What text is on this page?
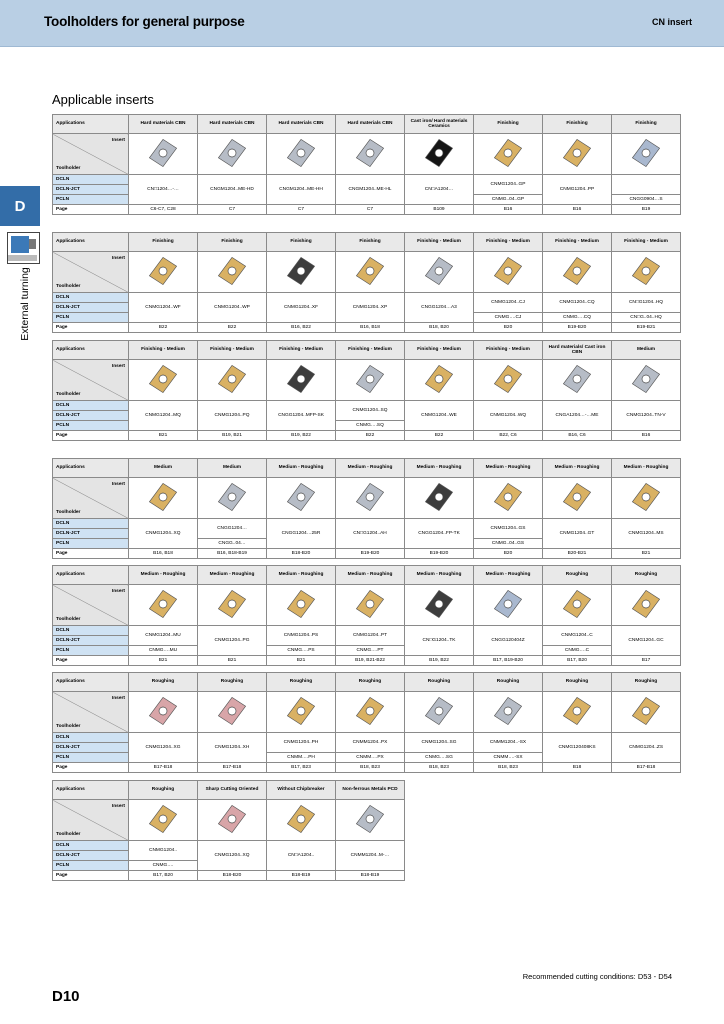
Toolholders for general purpose	CN insert
Applicable inserts
D
External turning
Applications	Hard materials CBN	Hard materials CBN	Hard materials CBN	Hard materials CBN	Cast iron/ Hard materials Ceramics	Finishing	Finishing	Finishing

Insert
Toolholder

DCLN	CN□1204…-…	CNGM1204..ME-HD	CNGM1204..ME-HH	CNGM1204..ME-HL	CN□A1204…	CNMG1204..GP	CNMG1204..PP	
DCLN-JCT								
PCLN						CNMG..04..GP		CNGG0904…S
Page	C6-C7, C28	C7	C7	C7	B109	B16	B16	B19
Applications	Finishing	Finishing	Finishing	Finishing	Finishing - Medium	Finishing - Medium	Finishing - Medium	Finishing - Medium

Insert
Toolholder

DCLN	CNMG1204..WF	CNMG1204..WP	CNMG1204..XF	CNMG1204..XP	CNGG1204…A3	CNMG1204..CJ	CNMG1204..CQ	CN□G1204..HQ
DCLN-JCT								
PCLN						CNMG….CJ	CNMG….CQ	CN□G..04..HQ
Page	B22	B22	B16, B22	B16, B18	B18, B20	B20	B19-B20	B19-B21
Applications	Finishing - Medium	Finishing - Medium	Finishing - Medium	Finishing - Medium	Finishing - Medium	Finishing - Medium	Hard materials/ Cast iron CBN	Medium

Insert
Toolholder

DCLN	CNMG1204..MQ	CNMG1204..PQ	CNGG1204..MFP-SK	CNMG1204..SQ	CNMG1204..WE	CNMG1204..WQ	CNGA1204…-…ME	CNMG1204..TN-V
DCLN-JCT								
PCLN				CNMG….SQ				
Page	B21	B19, B21	B19, B22	B22	B22	B22, C6	B16, C6	B16
Applications	Medium	Medium	Medium - Roughing	Medium - Roughing	Medium - Roughing	Medium - Roughing	Medium - Roughing	Medium - Roughing

Insert
Toolholder

DCLN	CNMG1204..XQ	CNGG1204…	CNGG1204…25R	CN□G1204..AH	CNGG1204..FP-TK	CNMG1204..GS	CNMG1204..GT	CNMG1204..MS
DCLN-JCT								
PCLN		CNGG..04…				CNMG..04..GS		
Page	B16, B18	B16, B18-B19	B18-B20	B19-B20	B19-B20	B20	B20-B21	B21
Applications	Medium - Roughing	Medium - Roughing	Medium - Roughing	Medium - Roughing	Medium - Roughing	Medium - Roughing	Roughing	Roughing

Insert
Toolholder

DCLN	CNMG1204..MU	CNMG1204..PG	CNMG1204..PS	CNMG1204..PT	CN□G1204..TK	CNGG120404Z	CNMG1204..C	CNMG1204..GC
DCLN-JCT								
PCLN	CNMG….MU		CNMG….PS	CNMG….PT			CNMG….C	
Page	B21	B21	B21	B19, B21-B22	B19, B22	B17, B19-B20	B17, B20	B17
Applications	Roughing	Roughing	Roughing	Roughing	Roughing	Roughing	Roughing	Roughing

Insert
Toolholder

DCLN	CNMG1204..XG	CNMG1204..XH	CNMG1204..PH	CNMM1204..PX	CNMG1204..SG	CNMM1204..-SX	CNMG120408KS	CNMG1204..ZS
DCLN-JCT								
PCLN			CNMM….PH	CNMM….PX	CNMG….SG	CNMM….-SX		
Page	B17-B18	B17-B18	B17, B23	B18, B23	B18, B23	B18, B23	B18	B17-B18
Applications	Roughing	Sharp Cutting Oriented	Without Chipbreaker	Non-ferrous Metals PCD

Insert
Toolholder

DCLN	CNMG1204..	CNMG1204..XQ	CN□A1204..	CNMM1204..M-…
DCLN-JCT				
PCLN	CNMG….			
Page	B17, B20	B18-B20	B18-B19	B18-B19
Recommended cutting conditions: D53 - D54
D10
